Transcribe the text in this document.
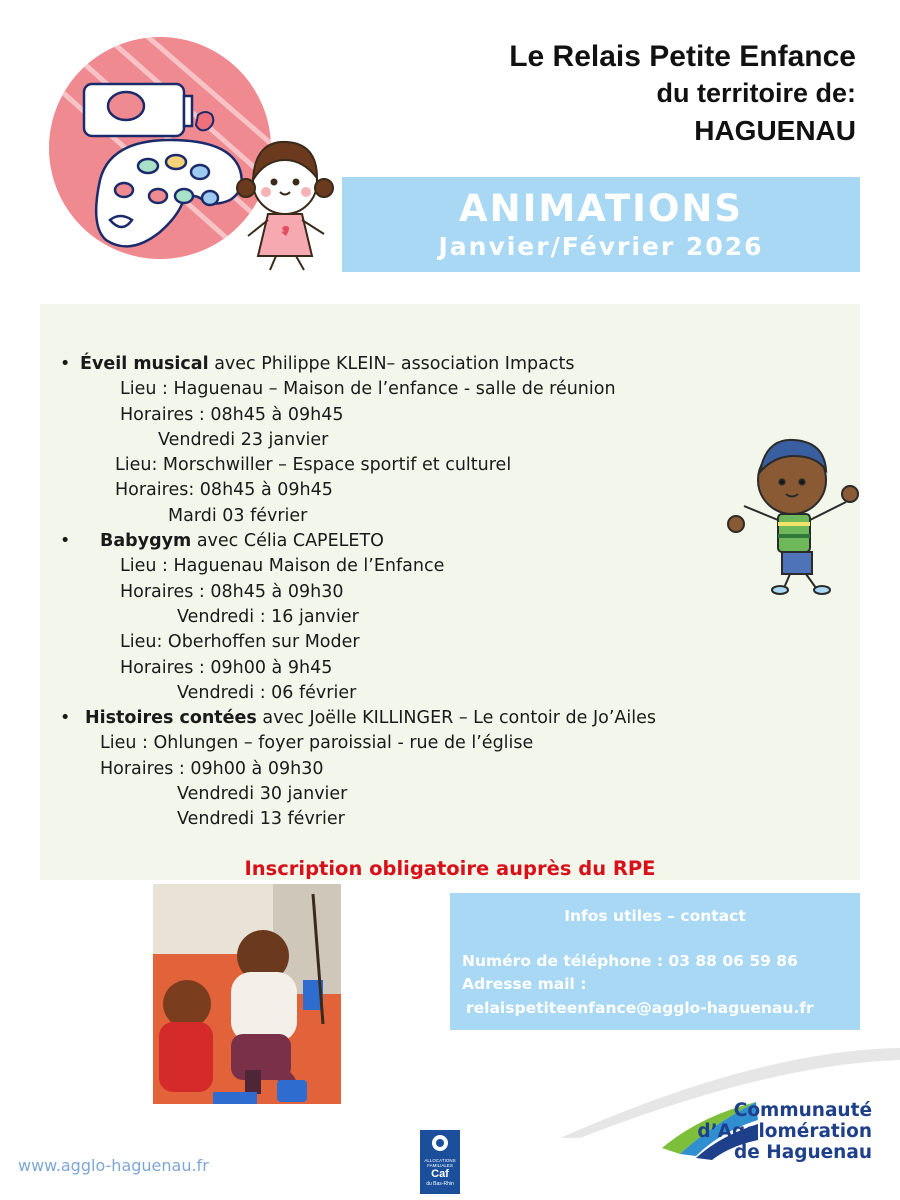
Le Relais Petite Enfance
du territoire de:
HAGUENAU
ANIMATIONS
Janvier/Février 2026
• Éveil musical avec Philippe KLEIN– association Impacts
Lieu : Haguenau – Maison de l’enfance - salle de réunion
Horaires : 08h45 à 09h45
Vendredi 23 janvier
Lieu: Morschwiller – Espace sportif et culturel
Horaires: 08h45 à 09h45
Mardi 03 février
• Babygym avec Célia CAPELETO
Lieu : Haguenau Maison de l’Enfance
Horaires : 08h45 à 09h30
Vendredi : 16 janvier
Lieu: Oberhoffen sur Moder
Horaires : 09h00 à 9h45
Vendredi : 06 février
• Histoires contées avec Joëlle KILLINGER – Le contoir de Jo’Ailes
Lieu : Ohlungen – foyer paroissial - rue de l’église
Horaires : 09h00 à 09h30
Vendredi 30 janvier
Vendredi 13 février
Inscription obligatoire auprès du RPE
Infos utiles – contact
Numéro de téléphone : 03 88 06 59 86
Adresse mail :
relaispetiteenfance@agglo-haguenau.fr
www.agglo-haguenau.fr	ALLOCATIONS FAMILIALES
Caf
du Bas-Rhin
Communauté
d’Agglomération
de Haguenau
